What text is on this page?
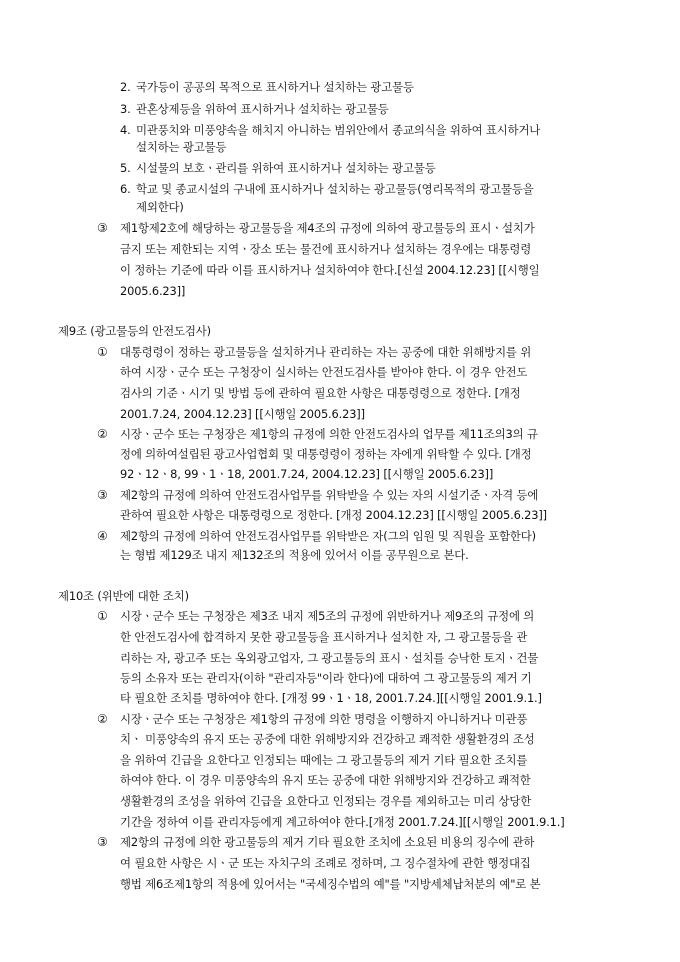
2. 국가등이 공공의 목적으로 표시하거나 설치하는 광고물등
3. 관혼상제등을 위하여 표시하거나 설치하는 광고물등
4. 미관풍치와 미풍양속을 해치지 아니하는 범위안에서 종교의식을 위하여 표시하거나
설치하는 광고물등
5. 시설물의 보호ㆍ관리를 위하여 표시하거나 설치하는 광고물등
6. 학교 및 종교시설의 구내에 표시하거나 설치하는 광고물등(영리목적의 광고물등을
제외한다)
③	제1항제2호에 해당하는 광고물등을 제4조의 규정에 의하여 광고물등의 표시ㆍ설치가
금지 또는 제한되는 지역ㆍ장소 또는 물건에 표시하거나 설치하는 경우에는 대통령령
이 정하는 기준에 따라 이를 표시하거나 설치하여야 한다.[신설 2004.12.23] [[시행일
2005.6.23]]
제9조 (광고물등의 안전도검사)
①	대통령령이 정하는 광고물등을 설치하거나 관리하는 자는 공중에 대한 위해방지를 위
하여 시장ㆍ군수 또는 구청장이 실시하는 안전도검사를 받아야 한다. 이 경우 안전도
검사의 기준ㆍ시기 및 방법 등에 관하여 필요한 사항은 대통령령으로 정한다. [개정
2001.7.24, 2004.12.23] [[시행일 2005.6.23]]
②	시장ㆍ군수 또는 구청장은 제1항의 규정에 의한 안전도검사의 업무를 제11조의3의 규
정에 의하여설립된 광고사업협회 및 대통령령이 정하는 자에게 위탁할 수 있다. [개정
92ㆍ12ㆍ8, 99ㆍ1ㆍ18, 2001.7.24, 2004.12.23] [[시행일 2005.6.23]]
③	제2항의 규정에 의하여 안전도검사업무를 위탁받을 수 있는 자의 시설기준ㆍ자격 등에
관하여 필요한 사항은 대통령령으로 정한다. [개정 2004.12.23] [[시행일 2005.6.23]]
④	제2항의 규정에 의하여 안전도검사업무를 위탁받은 자(그의 임원 및 직원을 포함한다)
는 형법 제129조 내지 제132조의 적용에 있어서 이를 공무원으로 본다.
제10조 (위반에 대한 조치)
①	시장ㆍ군수 또는 구청장은 제3조 내지 제5조의 규정에 위반하거나 제9조의 규정에 의
한 안전도검사에 합격하지 못한 광고물등을 표시하거나 설치한 자, 그 광고물등을 관
리하는 자, 광고주 또는 옥외광고업자, 그 광고물등의 표시ㆍ설치를 승낙한 토지ㆍ건물
등의 소유자 또는 관리자(이하 "관리자등"이라 한다)에 대하여 그 광고물등의 제거 기
타 필요한 조치를 명하여야 한다. [개정 99ㆍ1ㆍ18, 2001.7.24.][[시행일 2001.9.1.]
②	시장ㆍ군수 또는 구청장은 제1항의 규정에 의한 명령을 이행하지 아니하거나 미관풍
치ㆍ 미풍양속의 유지 또는 공중에 대한 위해방지와 건강하고 쾌적한 생활환경의 조성
을 위하여 긴급을 요한다고 인정되는 때에는 그 광고물등의 제거 기타 필요한 조치를
하여야 한다. 이 경우 미풍양속의 유지 또는 공중에 대한 위해방지와 건강하고 쾌적한
생활환경의 조성을 위하여 긴급을 요한다고 인정되는 경우를 제외하고는 미리 상당한
기간을 정하여 이를 관리자등에게 계고하여야 한다.[개정 2001.7.24.][[시행일 2001.9.1.]
③	제2항의 규정에 의한 광고물등의 제거 기타 필요한 조치에 소요된 비용의 징수에 관하
여 필요한 사항은 시ㆍ군 또는 자치구의 조례로 정하며, 그 징수절차에 관한 행정대집
행법 제6조제1항의 적용에 있어서는 "국세징수법의 예"를 "지방세체납처분의 예"로 본
